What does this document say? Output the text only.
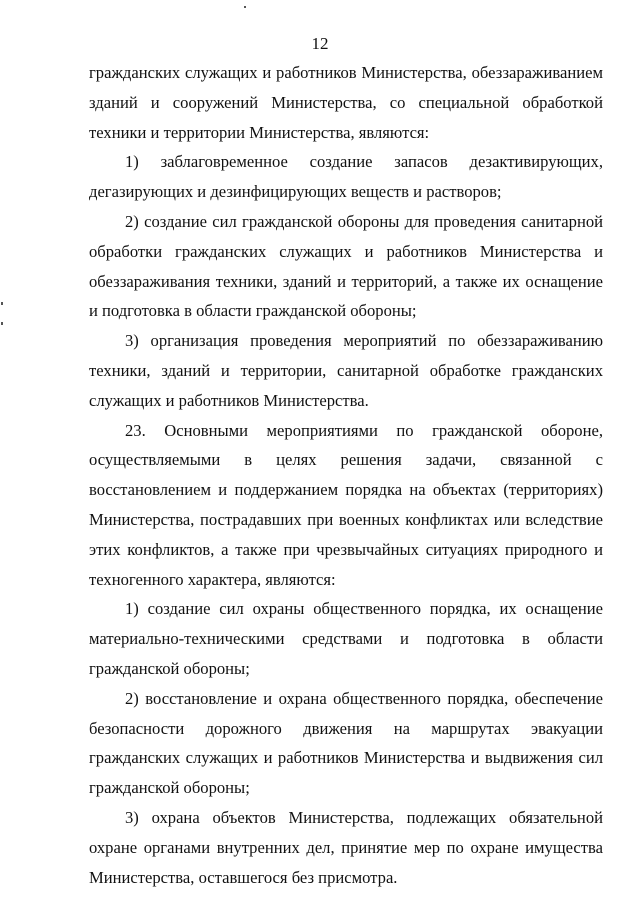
12

гражданских служащих и работников Министерства, обеззараживанием зданий и сооружений Министерства, со специальной обработкой техники и территории Министерства, являются:

1) заблаговременное создание запасов дезактивирующих, дегазирующих и дезинфицирующих веществ и растворов;

2) создание сил гражданской обороны для проведения санитарной обработки гражданских служащих и работников Министерства и обеззараживания техники, зданий и территорий, а также их оснащение и подготовка в области гражданской обороны;

3) организация проведения мероприятий по обеззараживанию техники, зданий и территории, санитарной обработке гражданских служащих и работников Министерства.

23. Основными мероприятиями по гражданской обороне, осуществляемыми в целях решения задачи, связанной с восстановлением и поддержанием порядка на объектах (территориях) Министерства, пострадавших при военных конфликтах или вследствие этих конфликтов, а также при чрезвычайных ситуациях природного и техногенного характера, являются:

1) создание сил охраны общественного порядка, их оснащение материально-техническими средствами и подготовка в области гражданской обороны;

2) восстановление и охрана общественного порядка, обеспечение безопасности дорожного движения на маршрутах эвакуации гражданских служащих и работников Министерства и выдвижения сил гражданской обороны;

3) охрана объектов Министерства, подлежащих обязательной охране органами внутренних дел, принятие мер по охране имущества Министерства, оставшегося без присмотра.
